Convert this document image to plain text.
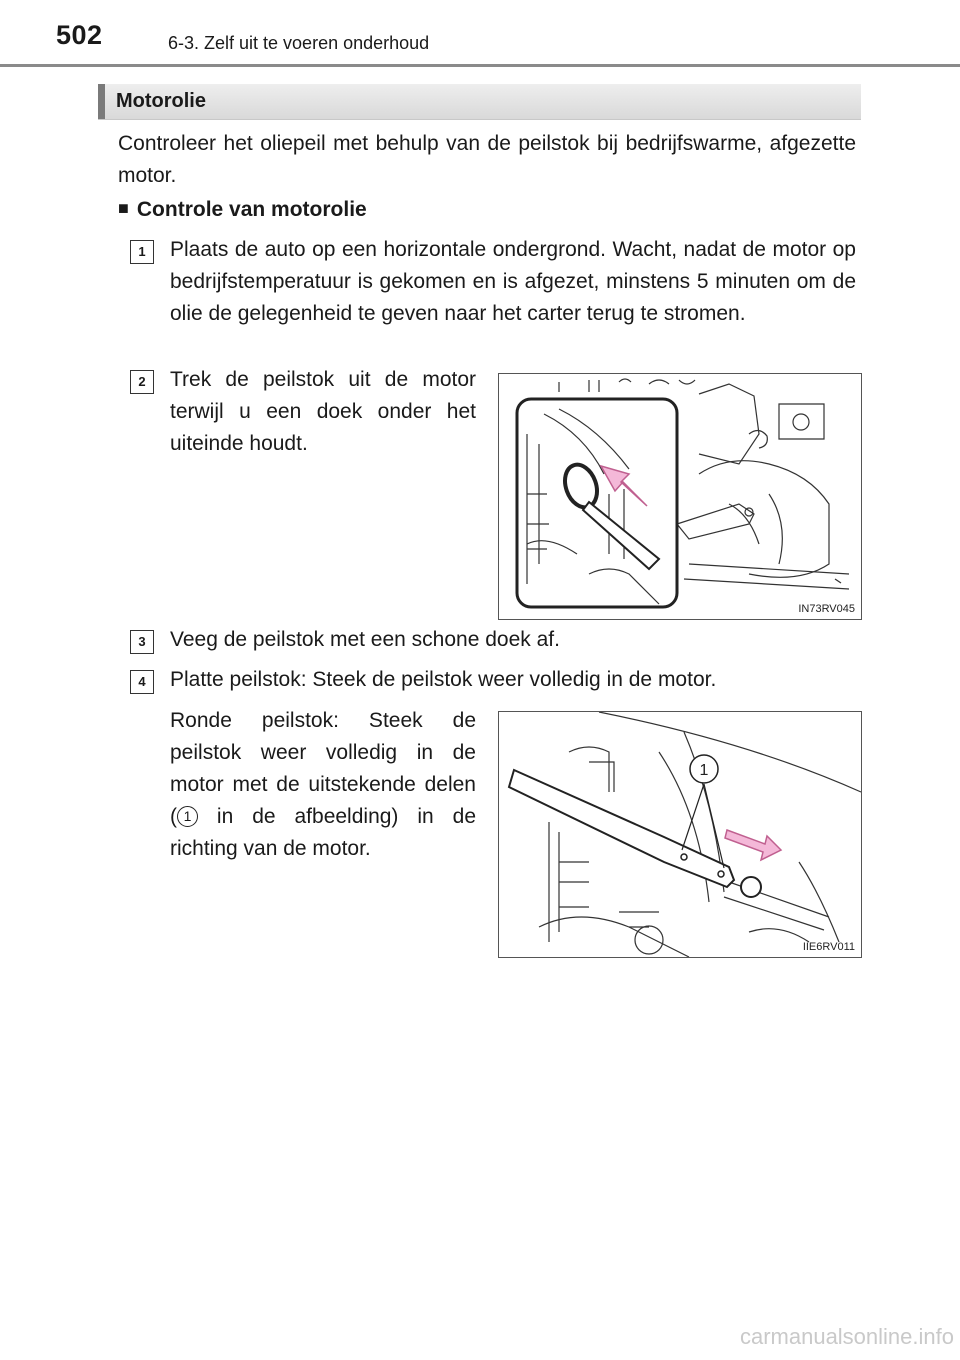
502	6-3. Zelf uit te voeren onderhoud
Motorolie
Controleer het oliepeil met behulp van de peilstok bij bedrijfswarme, afgezette motor.
■ Controle van motorolie
1	Plaats de auto op een horizontale ondergrond. Wacht, nadat de motor op bedrijfstemperatuur is gekomen en is afgezet, minstens 5 minuten om de olie de gelegenheid te geven naar het carter terug te stromen.
2	Trek de peilstok uit de motor terwijl u een doek onder het uiteinde houdt.
IN73RV045
3	Veeg de peilstok met een schone doek af.
4	Platte peilstok: Steek de peilstok weer volledig in de motor.
Ronde peilstok: Steek de peilstok weer volledig in de motor met de uitstekende delen ( 1 in de afbeelding) in de richting van de motor.
1
IIE6RV011
carmanualsonline.info
